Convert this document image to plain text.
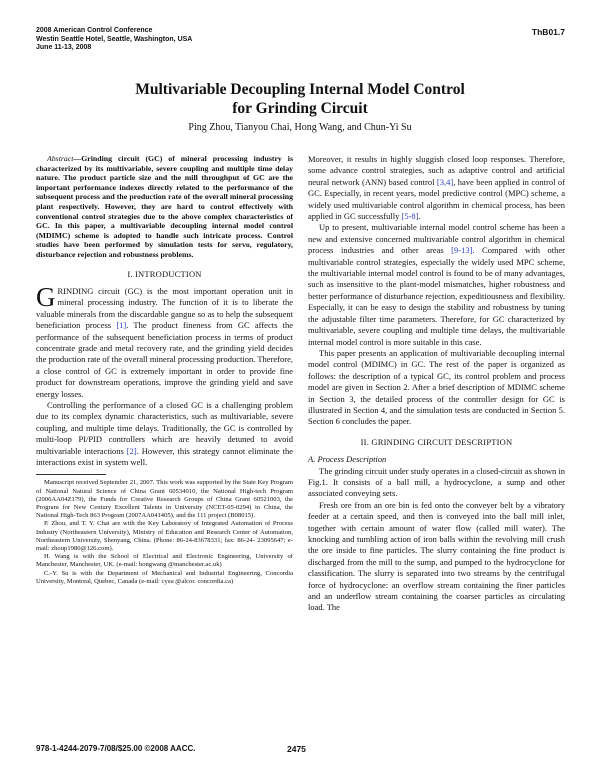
2008 American Control Conference
Westin Seattle Hotel, Seattle, Washington, USA
June 11-13, 2008
ThB01.7
Multivariable Decoupling Internal Model Control
for Grinding Circuit
Ping Zhou, Tianyou Chai, Hong Wang, and Chun-Yi Su

Abstract—Grinding circuit (GC) of mineral processing industry is characterized by its multivariable, severe coupling and multiple time delay nature. The product particle size and the mill throughput of GC are the important performance indexes directly related to the performance of the subsequent process and the production rate of the overall mineral processing plant respectively. However, they are hard to control effectively with conventional control strategies due to the above complex characteristics of GC. In this paper, a multivariable decoupling internal model control (MDIMC) scheme is adopted to handle such intricate process. Control studies have been performed by simulation tests for servo, regulatory, disturbance rejection and robustness problems.

I. INTRODUCTION

GRINDING circuit (GC) is the most important operation unit in mineral processing industry. The function of it is to liberate the valuable minerals from the discardable gangue so as to help the subsequent beneficiation process [1]. The product fineness from GC affects the performance of the subsequent beneficiation process in terms of product concentrate grade and metal recovery rate, and the grinding yield decides the production rate of the overall mineral processing production. Therefore, a close control of GC is extremely important in order to provide fine product for downstream operations, improve the grinding yield and save energy losses.

Controlling the performance of a closed GC is a challenging problem due to its complex dynamic characteristics, such as multivariable, severe coupling, and multiple time delays. Traditionally, the GC is controlled by multi-loop PI/PID controllers which are heavily detuned to avoid multivariable interactions [2]. However, this strategy cannot eliminate the interactions exist in system well.

Manuscript received September 21, 2007. This work was supported by the State Key Program of National Natural Science of China Grant 60534010, the National High-tech Program (2006AA04Z179), the Funds for Creative Research Groups of China Grant 60521003, the Program for New Century Excellent Talents in University (NCET-05-0294) in China, the National High-Tech 863 Program (2007AA041405), and the 111 project (B08015).

P. Zhou, and T. Y. Chai are with the Key Laboratory of Integrated Automation of Process Industry (Northeastern University), Ministry of Education and Research Center of Automation, Northeastern University, Shenyang, China. (Phone: 86-24-83678331; fax: 86-24- 23095647; e-mail: zhoup1980@126.com).

H. Wang is with the School of Electrical and Electronic Engineering, University of Manchester, Manchester, UK. (e-mail: hongwang @manchester.ac.uk)

C.-Y. Su is with the Department of Mechanical and Industrial Engineering, Concordia University, Montreal, Quebec, Canada (e-mail: cysu @alcor. concordia.ca)

Moreover, it results in highly sluggish closed loop responses. Therefore, some advance control strategies, such as adaptive control and artificial neural network (ANN) based control [3,4], have been applied in control of GC. Especially, in recent years, model predictive control (MPC) scheme, a widely used multivariable control algorithm in chemical process, has been applied in GC successfully [5-8].

Up to present, multivariable internal model control scheme has been a new and extensive concerned multivariable control algorithm in chemical process industries and other areas [9-13]. Compared with other multivariable control strategies, especially the widely used MPC scheme, the multivariable internal model control is found to be of many advantages, such as insensitive to the plant-model mismatches, higher robustness and better performance of disturbance rejection, expeditiousness and flexibility. Especially, it can be easy to design the stability and robustness by tuning the adjustable filter time parameters. Therefore, for GC characterized by multivariable, severe coupling and multiple time delays, the multivariable internal model control is more suitable in this case.

This paper presents an application of multivariable decoupling internal model control (MDIMC) in GC. The rest of the paper is organized as follows: the description of a typical GC, its control problem and process model are given in Section 2. After a brief description of MDIMC scheme in Section 3, the detailed process of the controller design for GC is illustrated in Section 4, and the simulation tests are conducted in Section 5. Section 6 concludes the paper.

II. GRINDING CIRCUIT DESCRIPTION

A. Process Description

The grinding circuit under study operates in a closed-circuit as shown in Fig.1. It consists of a ball mill, a hydrocyclone, a sump and other associated conveying sets.

Fresh ore from an ore bin is fed onto the conveyer belt by a vibratory feeder at a certain speed, and then is conveyed into the ball mill inlet, together with certain amount of water flow (called mill water). The knocking and tumbling action of iron balls within the revolving mill crush the ore inside to fine particles. The slurry containing the fine product is discharged from the mill to the sump, and pumped to the hydrocyclone for classification. The slurry is separated into two streams by the centrifugal force of hydrocyclone: an overflow stream containing the finer particles and an underflow stream containing the coarser particles as circulating load. The

978-1-4244-2079-7/08/$25.00 ©2008 AACC.	2475
